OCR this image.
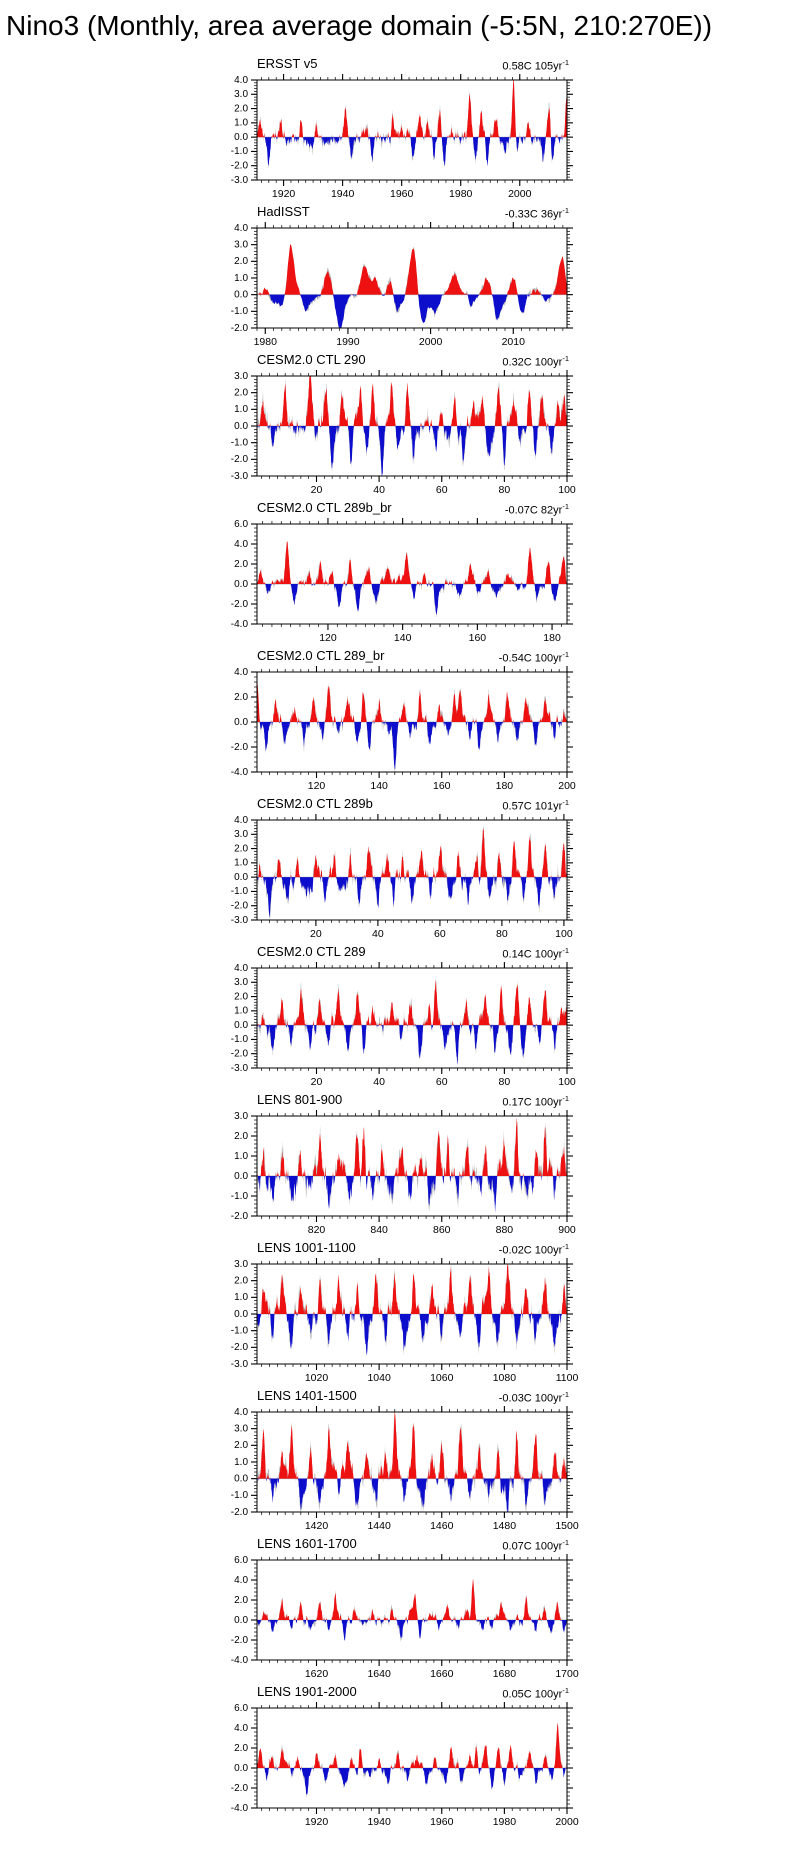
Nino3 (Monthly, area average domain (-5:5N, 210:270E))
ERSST v5	0.58C $105yr^{-1}$
HadISST	-0.33C $36yr^{-1}$
CESM2.0 CTL 290	0.32C $100yr^{-1}$
CESM2.0 CTL 289b_br	-0.07C $82yr^{-1}$
CESM2.0 CTL 289_br	-0.54C $100yr^{-1}$
CESM2.0 CTL 289b	0.57C $101yr^{-1}$
CESM2.0 CTL 289	0.14C $100yr^{-1}$
LENS 801-900	0.17C $100yr^{-1}$
LENS 1001-1100	-0.02C $100yr^{-1}$
LENS 1401-1500	-0.03C $100yr^{-1}$
LENS 1601-1700	0.07C $100yr^{-1}$
LENS 1901-2000	0.05C $100yr^{-1}$
